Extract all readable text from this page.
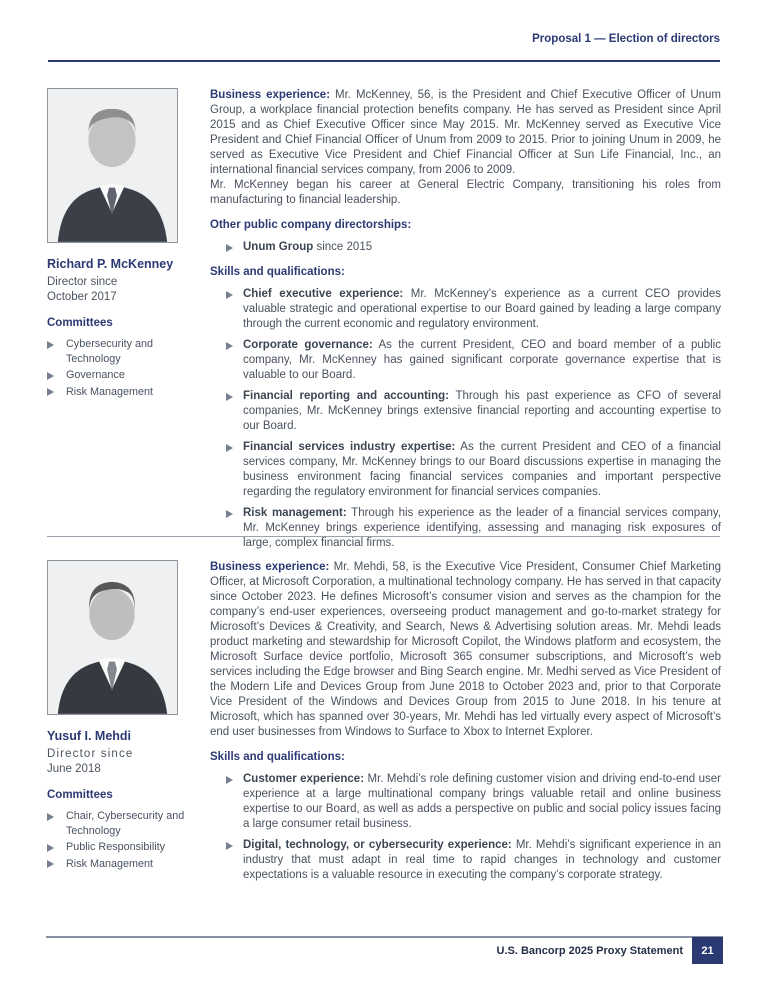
Proposal 1 — Election of directors
Richard P. McKenney
Director since
October 2017
Committees
Cybersecurity and Technology
Governance
Risk Management

Business experience: Mr. McKenney, 56, is the President and Chief Executive Officer of Unum Group, a workplace financial protection benefits company. He has served as President since April 2015 and as Chief Executive Officer since May 2015. Mr. McKenney served as Executive Vice President and Chief Financial Officer of Unum from 2009 to 2015. Prior to joining Unum in 2009, he served as Executive Vice President and Chief Financial Officer at Sun Life Financial, Inc., an international financial services company, from 2006 to 2009.

Mr. McKenney began his career at General Electric Company, transitioning his roles from manufacturing to financial leadership.
Other public company directorships:
Unum Group since 2015
Skills and qualifications:
Chief executive experience: Mr. McKenney’s experience as a current CEO provides valuable strategic and operational expertise to our Board gained by leading a large company through the current economic and regulatory environment.
Corporate governance: As the current President, CEO and board member of a public company, Mr. McKenney has gained significant corporate governance expertise that is valuable to our Board.
Financial reporting and accounting: Through his past experience as CFO of several companies, Mr. McKenney brings extensive financial reporting and accounting expertise to our Board.
Financial services industry expertise: As the current President and CEO of a financial services company, Mr. McKenney brings to our Board discussions expertise in managing the business environment facing financial services companies and important perspective regarding the regulatory environment for financial services companies.
Risk management: Through his experience as the leader of a financial services company, Mr. McKenney brings experience identifying, assessing and managing risk exposures of large, complex financial firms.
Yusuf I. Mehdi
Director since
June 2018
Committees
Chair, Cybersecurity and Technology
Public Responsibility
Risk Management

Business experience: Mr. Mehdi, 58, is the Executive Vice President, Consumer Chief Marketing Officer, at Microsoft Corporation, a multinational technology company. He has served in that capacity since October 2023. He defines Microsoft’s consumer vision and serves as the champion for the company’s end-user experiences, overseeing product management and go-to-market strategy for Microsoft’s Devices & Creativity, and Search, News & Advertising solution areas. Mr. Mehdi leads product marketing and stewardship for Microsoft Copilot, the Windows platform and ecosystem, the Microsoft Surface device portfolio, Microsoft 365 consumer subscriptions, and Microsoft’s web services including the Edge browser and Bing Search engine. Mr. Medhi served as Vice President of the Modern Life and Devices Group from June 2018 to October 2023 and, prior to that Corporate Vice President of the Windows and Devices Group from 2015 to June 2018. In his tenure at Microsoft, which has spanned over 30-years, Mr. Mehdi has led virtually every aspect of Microsoft’s end user businesses from Windows to Surface to Xbox to Internet Explorer.

Skills and qualifications:
Customer experience: Mr. Mehdi’s role defining customer vision and driving end-to-end user experience at a large multinational company brings valuable retail and online business expertise to our Board, as well as adds a perspective on public and social policy issues facing a large consumer retail business.
Digital, technology, or cybersecurity experience: Mr. Mehdi’s significant experience in an industry that must adapt in real time to rapid changes in technology and customer expectations is a valuable resource in executing the company’s corporate strategy.
U.S. Bancorp 2025 Proxy Statement 21
